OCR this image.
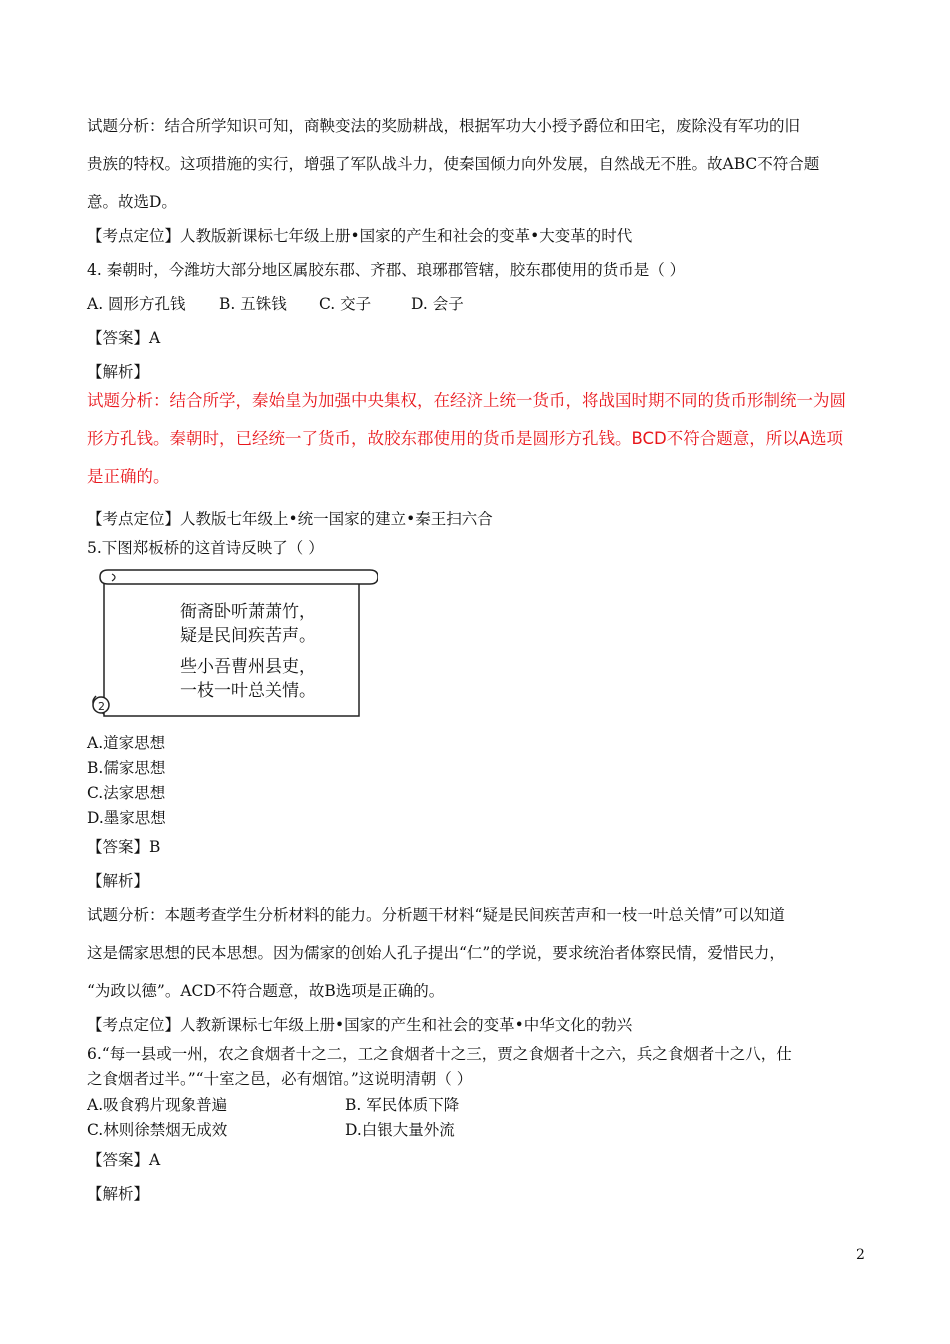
试题分析：结合所学知识可知，商鞅变法的奖励耕战，根据军功大小授予爵位和田宅，废除没有军功的旧
贵族的特权。这项措施的实行，增强了军队战斗力，使秦国倾力向外发展，自然战无不胜。故ABC不符合题
意。故选D。
【考点定位】人教版新课标七年级上册•国家的产生和社会的变革•大变革的时代
4. 秦朝时，今潍坊大部分地区属胶东郡、齐郡、琅琊郡管辖，胶东郡使用的货币是（ ）
A. 圆形方孔钱 B. 五铢钱 C. 交子	D. 会子
【答案】A
【解析】
试题分析：结合所学，秦始皇为加强中央集权，在经济上统一货币，将战国时期不同的货币形制统一为圆
形方孔钱。秦朝时，已经统一了货币，故胶东郡使用的货币是圆形方孔钱。BCD不符合题意，所以A选项
是正确的。
【考点定位】人教版七年级上•统一国家的建立•秦王扫六合
5.下图郑板桥的这首诗反映了（ ）
2
衙斋卧听萧萧竹，
疑是民间疾苦声。
些小吾曹州县吏，
一枝一叶总关情。
A.道家思想
B.儒家思想
C.法家思想
D.墨家思想
【答案】B
【解析】
试题分析：本题考查学生分析材料的能力。分析题干材料“疑是民间疾苦声和一枝一叶总关情”可以知道
这是儒家思想的民本思想。因为儒家的创始人孔子提出“仁”的学说，要求统治者体察民情，爱惜民力，
“为政以德”。ACD不符合题意，故B选项是正确的。
【考点定位】人教新课标七年级上册•国家的产生和社会的变革•中华文化的勃兴
6.“每一县或一州，农之食烟者十之二，工之食烟者十之三，贾之食烟者十之六，兵之食烟者十之八，仕
之食烟者过半。”“十室之邑，必有烟馆。”这说明清朝（ ）
A.吸食鸦片现象普遍	B. 军民体质下降
C.林则徐禁烟无成效	D.白银大量外流
【答案】A
【解析】
2
